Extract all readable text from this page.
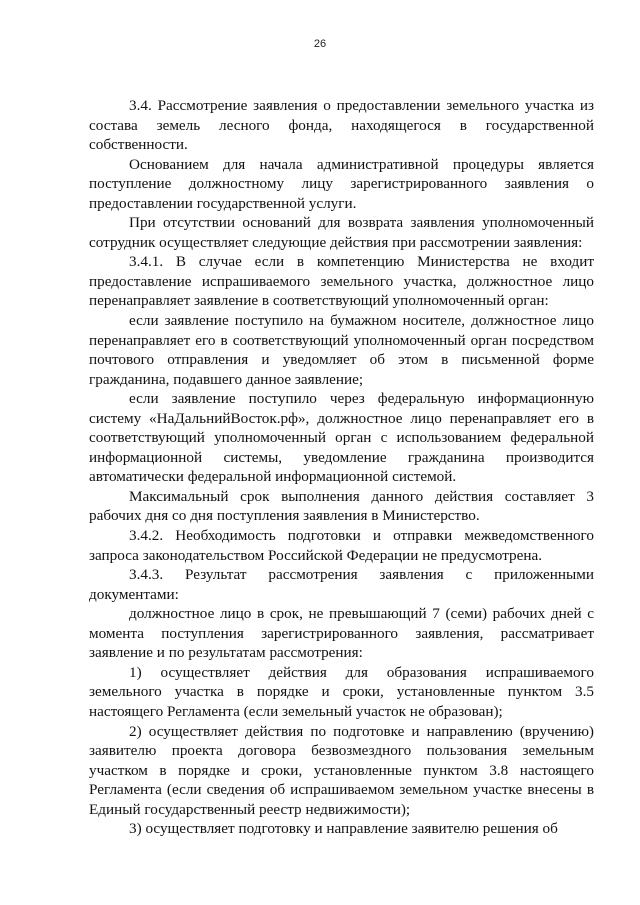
26

3.4. Рассмотрение заявления о предоставлении земельного участка из состава земель лесного фонда, находящегося в государственной собственности.

Основанием для начала административной процедуры является поступление должностному лицу зарегистрированного заявления о предоставлении государственной услуги.

При отсутствии оснований для возврата заявления уполномоченный сотрудник осуществляет следующие действия при рассмотрении заявления:

3.4.1. В случае если в компетенцию Министерства не входит предоставление испрашиваемого земельного участка, должностное лицо перенаправляет заявление в соответствующий уполномоченный орган:

если заявление поступило на бумажном носителе, должностное лицо перенаправляет его в соответствующий уполномоченный орган посредством почтового отправления и уведомляет об этом в письменной форме гражданина, подавшего данное заявление;

если заявление поступило через федеральную информационную систему «НаДальнийВосток.рф», должностное лицо перенаправляет его в соответствующий уполномоченный орган с использованием федеральной информационной системы, уведомление гражданина производится автоматически федеральной информационной системой.

Максимальный срок выполнения данного действия составляет 3 рабочих дня со дня поступления заявления в Министерство.

3.4.2. Необходимость подготовки и отправки межведомственного запроса законодательством Российской Федерации не предусмотрена.

3.4.3. Результат рассмотрения заявления с приложенными документами:

должностное лицо в срок, не превышающий 7 (семи) рабочих дней с момента поступления зарегистрированного заявления, рассматривает заявление и по результатам рассмотрения:

1) осуществляет действия для образования испрашиваемого земельного участка в порядке и сроки, установленные пунктом 3.5 настоящего Регламента (если земельный участок не образован);

2) осуществляет действия по подготовке и направлению (вручению) заявителю проекта договора безвозмездного пользования земельным участком в порядке и сроки, установленные пунктом 3.8 настоящего Регламента (если сведения об испрашиваемом земельном участке внесены в Единый государственный реестр недвижимости);

3) осуществляет подготовку и направление заявителю решения об
